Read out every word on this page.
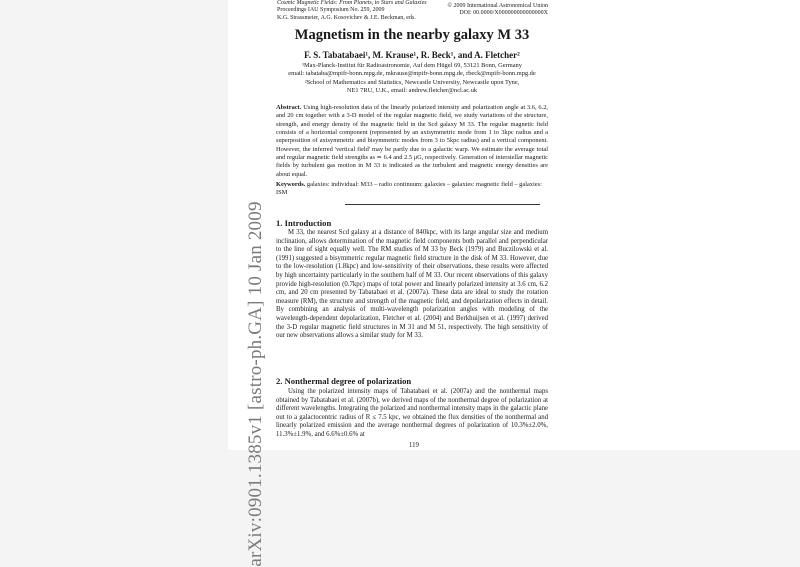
arXiv:0901.1385v1 [astro-ph.GA] 10 Jan 2009
Cosmic Magnetic Fields: From Planets, to Stars and Galaxies
Proceedings IAU Symposium No. 259, 2009
K.G. Strassmeier, A.G. Kosovichev & J.E. Beckman, eds.
© 2009 International Astronomical Union
DOI: 00.0000/X000000000000000X
Magnetism in the nearby galaxy M 33
F. S. Tabatabaei¹, M. Krause¹, R. Beck¹, and A. Fletcher²
¹Max-Planck-Institut für Radioastronomie, Auf dem Hügel 69, 53121 Bonn, Germany
email: tabataba@mpifr-bonn.mpg.de, mkrause@mpifr-bonn.mpg.de, rbeck@mpifr-bonn.mpg.de
²School of Mathematics and Statistics, Newcastle University, Newcastle upon Tyne,
NE1 7RU, U.K., email: andrew.fletcher@ncl.ac.uk
Abstract. Using high-resolution data of the linearly polarized intensity and polarization angle at 3.6, 6.2, and 20 cm together with a 3-D model of the regular magnetic field, we study variations of the structure, strength, and energy density of the magnetic field in the Scd galaxy M 33. The regular magnetic field consists of a horizontal component (represented by an axisymmetric mode from 1 to 3kpc radius and a superposition of axisymmetric and bisymmetric modes from 3 to 5kpc radius) and a vertical component. However, the inferred 'vertical field' may be partly due to a galactic warp. We estimate the average total and regular magnetic field strengths as ≃ 6.4 and 2.5 μG, respectively. Generation of interstellar magnetic fields by turbulent gas motion in M 33 is indicated as the turbulent and magnetic energy densities are about equal.
Keywords. galaxies: individual: M33 – radio continuum: galaxies – galaxies: magnetic field – galaxies: ISM
1. Introduction

M 33, the nearest Scd galaxy at a distance of 840kpc, with its large angular size and medium inclination, allows determination of the magnetic field components both parallel and perpendicular to the line of sight equally well. The RM studies of M 33 by Beck (1979) and Buczilowski et al. (1991) suggested a bisymmetric regular magnetic field structure in the disk of M 33. However, due to the low-resolution (1.8kpc) and low-sensitivity of their observations, these results were affected by high uncertainty particularly in the southern half of M 33. Our recent observations of this galaxy provide high-resolution (0.7kpc) maps of total power and linearly polarized intensity at 3.6 cm, 6.2 cm, and 20 cm presented by Tabatabaei et al. (2007a). These data are ideal to study the rotation measure (RM), the structure and strength of the magnetic field, and depolarization effects in detail. By combining an analysis of multi-wavelength polarization angles with modeling of the wavelength-dependent depolarization, Fletcher et al. (2004) and Berkhuijsen et al. (1997) derived the 3-D regular magnetic field structures in M 31 and M 51, respectively. The high sensitivity of our new observations allows a similar study for M 33.

2. Nonthermal degree of polarization

Using the polarized intensity maps of Tabatabaei et al. (2007a) and the nonthermal maps obtained by Tabatabaei et al. (2007b), we derived maps of the nonthermal degree of polarization at different wavelengths. Integrating the polarized and nonthermal intensity maps in the galactic plane out to a galactocentric radius of R ≤ 7.5 kpc, we obtained the flux densities of the nonthermal and linearly polarized emission and the average nonthermal degrees of polarization of 10.3%±2.0%, 11.3%±1.9%, and 6.6%±0.6% at

119
